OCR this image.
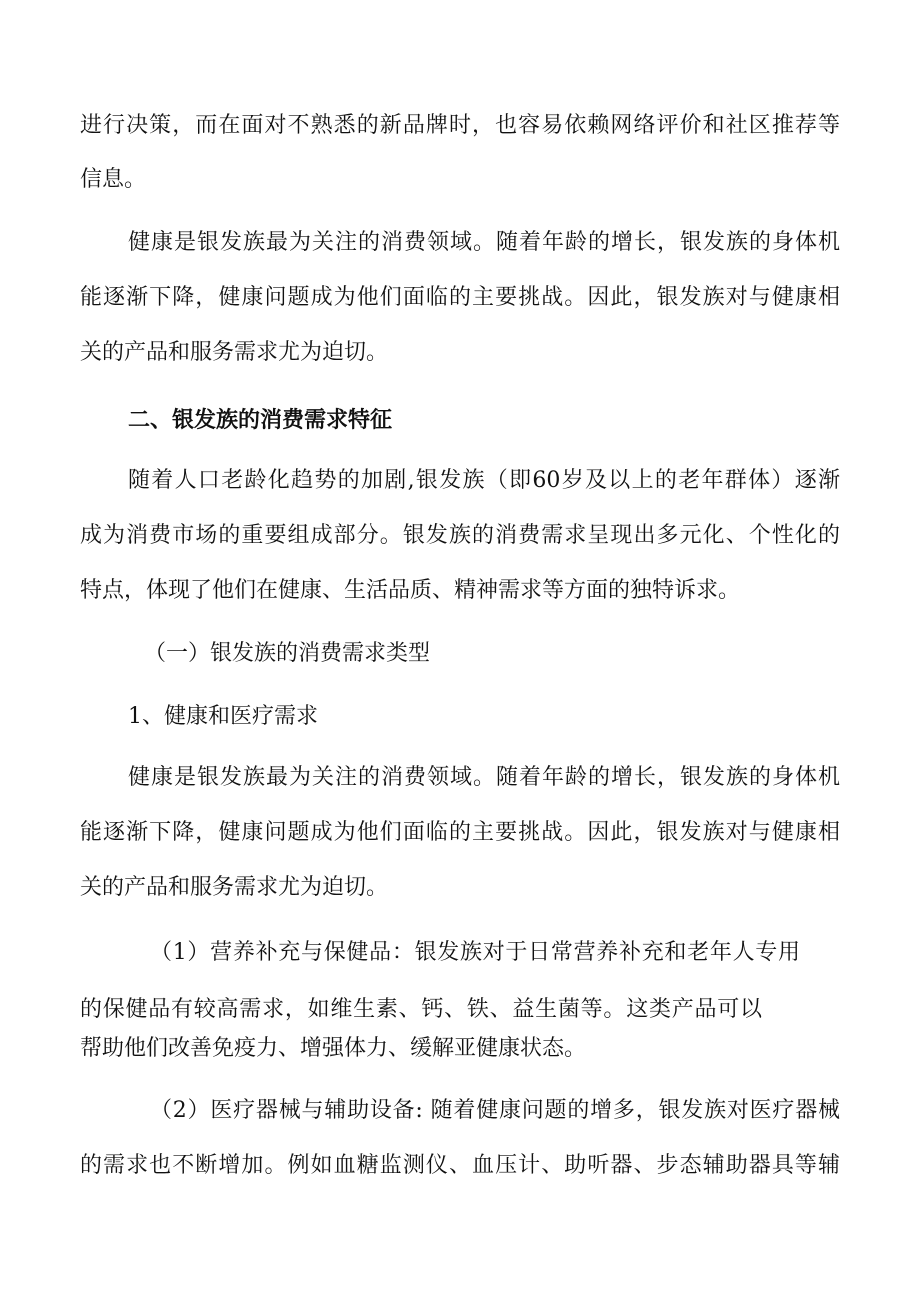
进行决策，而在面对不熟悉的新品牌时，也容易依赖网络评价和社区推荐等
信息。
健康是银发族最为关注的消费领域。随着年龄的增长，银发族的身体机
能逐渐下降，健康问题成为他们面临的主要挑战。因此，银发族对与健康相
关的产品和服务需求尤为迫切。
二、银发族的消费需求特征
随着人口老龄化趋势的加剧,银发族（即60岁及以上的老年群体）逐渐
成为消费市场的重要组成部分。银发族的消费需求呈现出多元化、个性化的
特点，体现了他们在健康、生活品质、精神需求等方面的独特诉求。
（一）银发族的消费需求类型
1、健康和医疗需求
健康是银发族最为关注的消费领域。随着年龄的增长，银发族的身体机
能逐渐下降，健康问题成为他们面临的主要挑战。因此，银发族对与健康相
关的产品和服务需求尤为迫切。
（1）营养补充与保健品：银发族对于日常营养补充和老年人专用
的保健品有较高需求，如维生素、钙、铁、益生菌等。这类产品可以
帮助他们改善免疫力、增强体力、缓解亚健康状态。
（2）医疗器械与辅助设备: 随着健康问题的增多，银发族对医疗器械
的需求也不断增加。例如血糖监测仪、血压计、助听器、步态辅助器具等辅
